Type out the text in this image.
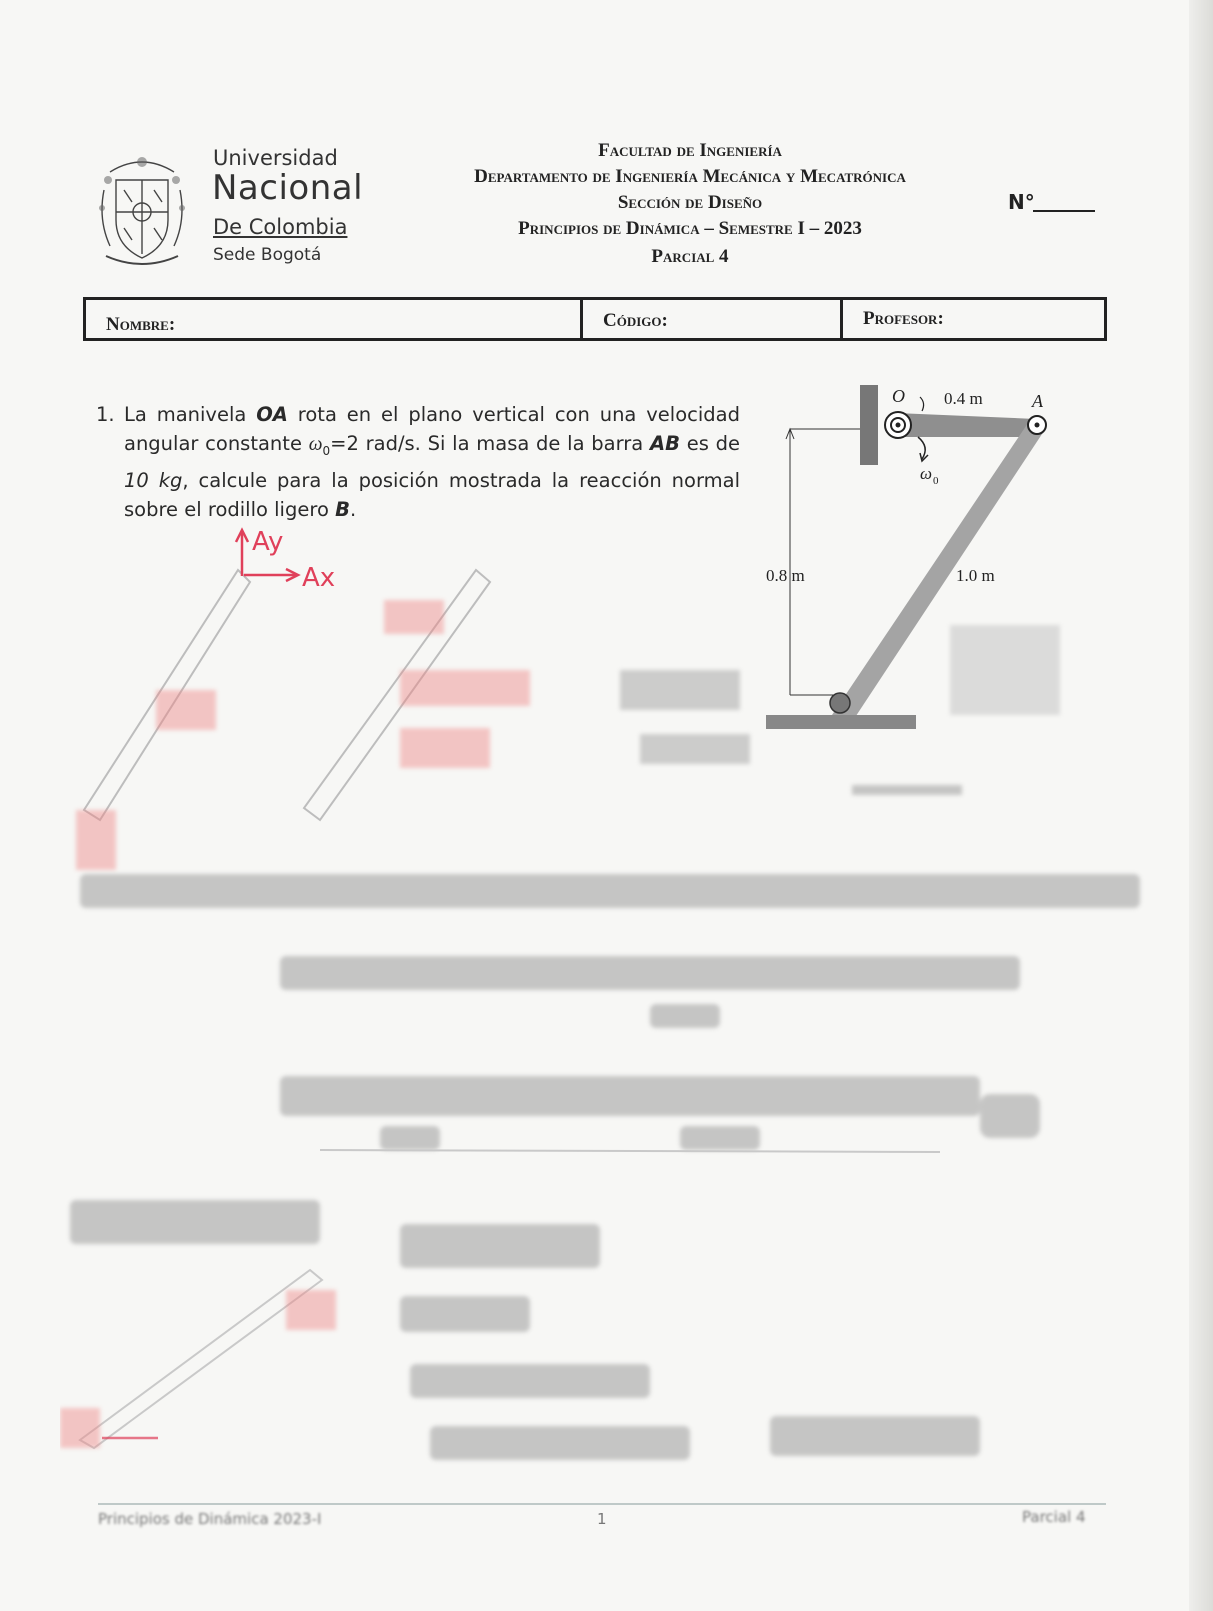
Universidad
Nacional
De Colombia
Sede Bogotá
Facultad de Ingeniería
Departamento de Ingeniería Mecánica y Mecatrónica
Sección de Diseño
Principios de Dinámica – Semestre I – 2023
Parcial 4
N°
Nombre:	Código:	Profesor:
1. La manivela OA rota en el plano vertical con una velocidad angular constante $\omega_0=2$ rad/s. Si la masa de la barra AB es de 10 kg, calcule para la posición mostrada la reacción normal sobre el rodillo ligero B.
O	A
0.4 m
ω 0
0.8 m	1.0 m
Ay
Ax
Principios de Dinámica 2023-I	1	Parcial 4
